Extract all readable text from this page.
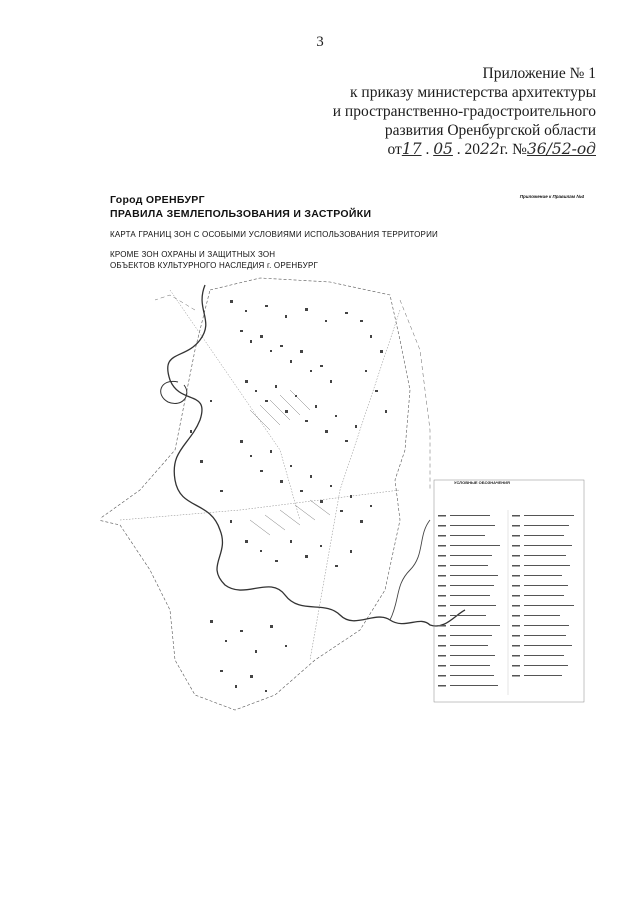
3
Приложение № 1
к приказу министерства архитектуры
и пространственно-градостроительного
развития Оренбургской области
от17 . 05 . 2022г. №36/52-од
Приложение к Правилам №4
Город ОРЕНБУРГ
ПРАВИЛА ЗЕМЛЕПОЛЬЗОВАНИЯ И ЗАСТРОЙКИ
КАРТА ГРАНИЦ ЗОН С ОСОБЫМИ УСЛОВИЯМИ ИСПОЛЬЗОВАНИЯ ТЕРРИТОРИИ
КРОМЕ ЗОН ОХРАНЫ И ЗАЩИТНЫХ ЗОН
ОБЪЕКТОВ КУЛЬТУРНОГО НАСЛЕДИЯ г. ОРЕНБУРГ
УСЛОВНЫЕ ОБОЗНАЧЕНИЯ
